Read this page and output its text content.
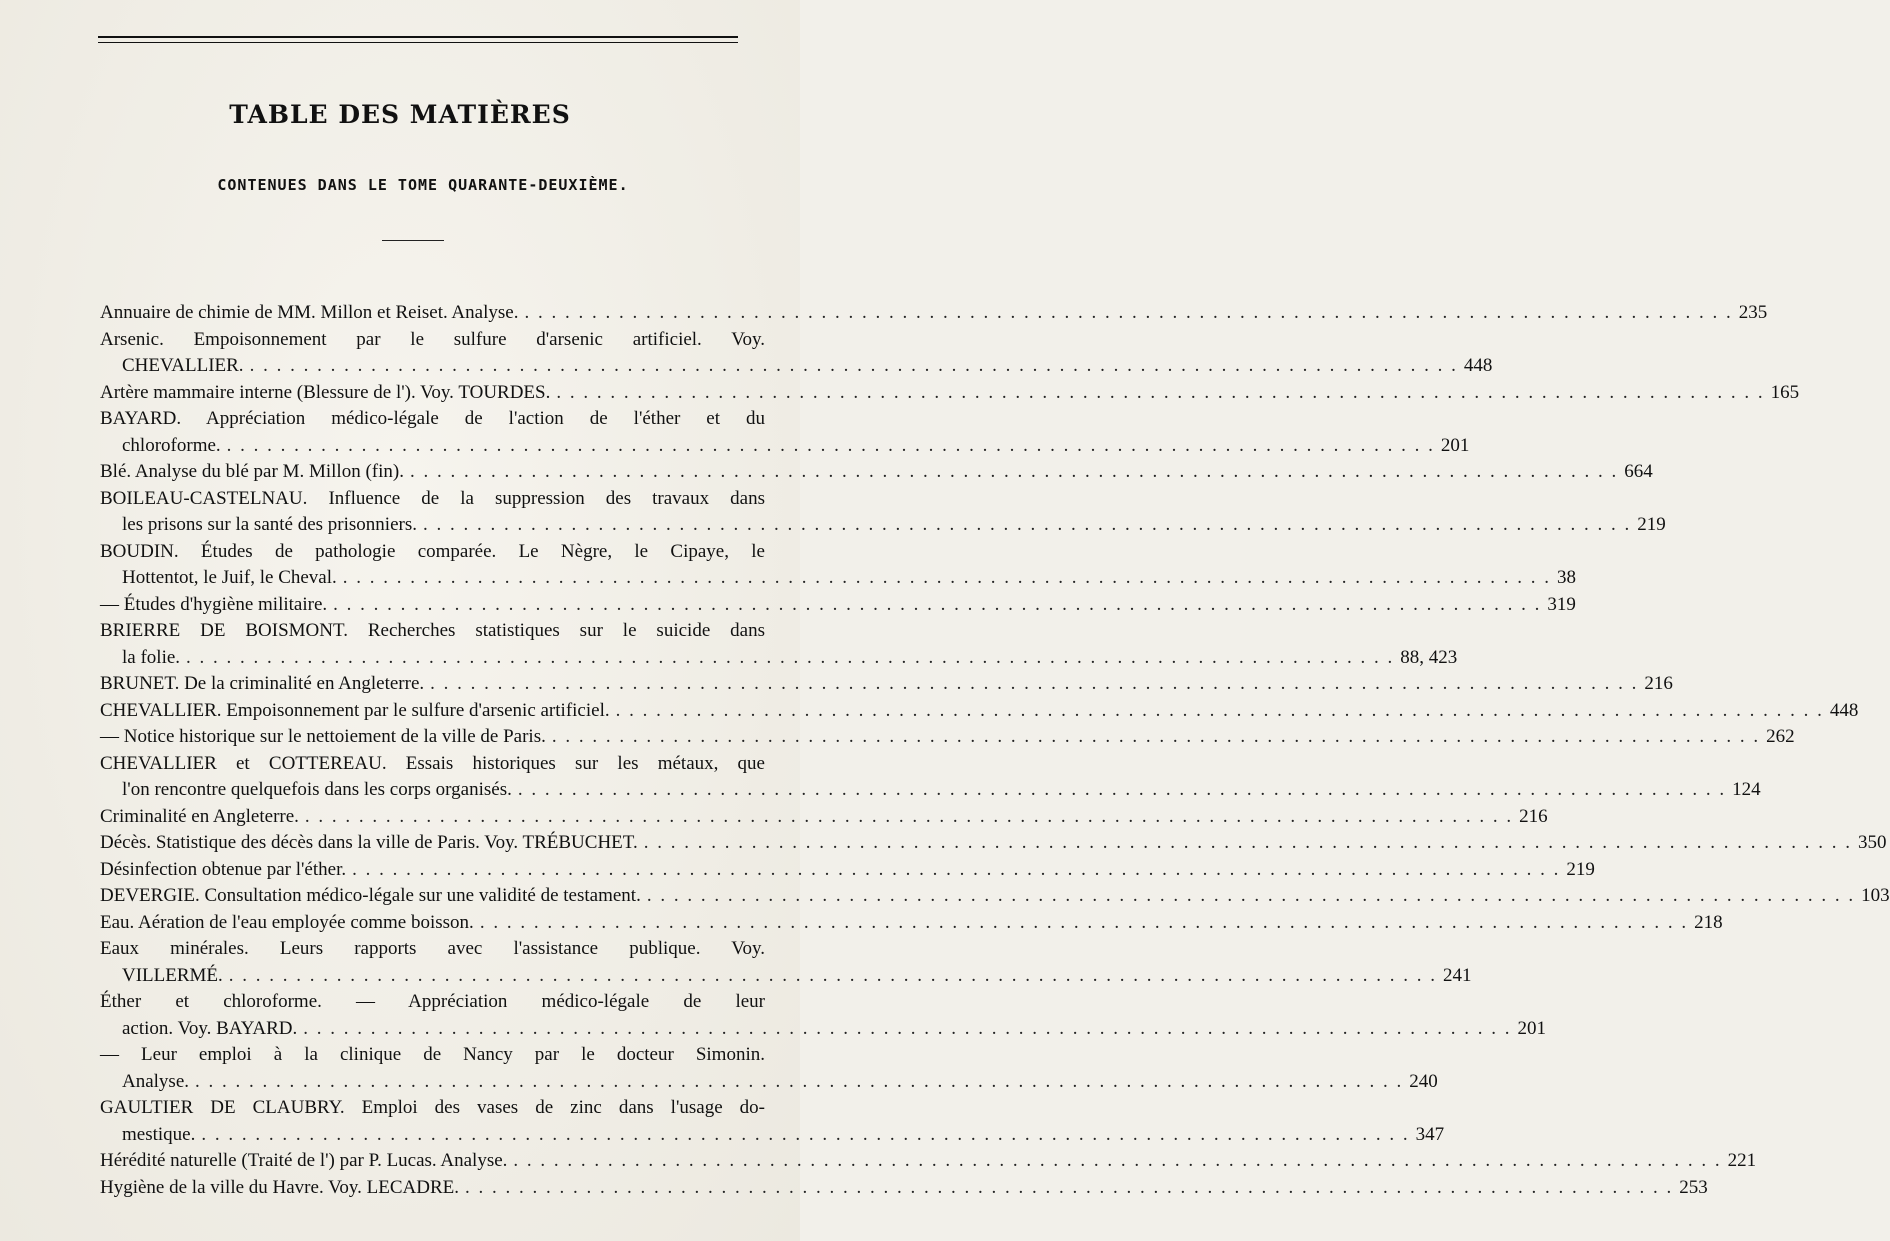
TABLE DES MATIÈRES
CONTENUES DANS LE TOME QUARANTE-DEUXIÈME.
Annuaire de chimie de MM. Millon et Reiset. Analyse. . . .	235
Arsenic. Empoisonnement par le sulfure d'arsenic artificiel. Voy.
CHEVALLIER. . . .	448
Artère mammaire interne (Blessure de l'). Voy. TOURDES. . . .	165
BAYARD. Appréciation médico-légale de l'action de l'éther et du
chloroforme. . . .	201
Blé. Analyse du blé par M. Millon (fin). . . .	664
BOILEAU-CASTELNAU. Influence de la suppression des travaux dans
les prisons sur la santé des prisonniers. . . .	219
BOUDIN. Études de pathologie comparée. Le Nègre, le Cipaye, le
Hottentot, le Juif, le Cheval. . . .	38
— Études d'hygiène militaire. . . .	319
BRIERRE DE BOISMONT. Recherches statistiques sur le suicide dans
la folie. . . .	88, 423
BRUNET. De la criminalité en Angleterre. . . .	216
CHEVALLIER. Empoisonnement par le sulfure d'arsenic artificiel. . . .	448
— Notice historique sur le nettoiement de la ville de Paris. . . .	262
CHEVALLIER et COTTEREAU. Essais historiques sur les métaux, que
l'on rencontre quelquefois dans les corps organisés. . . .	124
Criminalité en Angleterre. . . .	216
Décès. Statistique des décès dans la ville de Paris. Voy. TRÉBUCHET. . . .	350
Désinfection obtenue par l'éther. . . .	219
DEVERGIE. Consultation médico-légale sur une validité de testament. . . .	103
Eau. Aération de l'eau employée comme boisson. . . .	218
Eaux minérales. Leurs rapports avec l'assistance publique. Voy.
VILLERMÉ. . . .	241
Éther et chloroforme. — Appréciation médico-légale de leur
action. Voy. BAYARD. . . .	201
— Leur emploi à la clinique de Nancy par le docteur Simonin.
Analyse. . . .	240
GAULTIER DE CLAUBRY. Emploi des vases de zinc dans l'usage do-
mestique. . . .	347
Hérédité naturelle (Traité de l') par P. Lucas. Analyse. . . .	221
Hygiène de la ville du Havre. Voy. LECADRE. . . .	253
